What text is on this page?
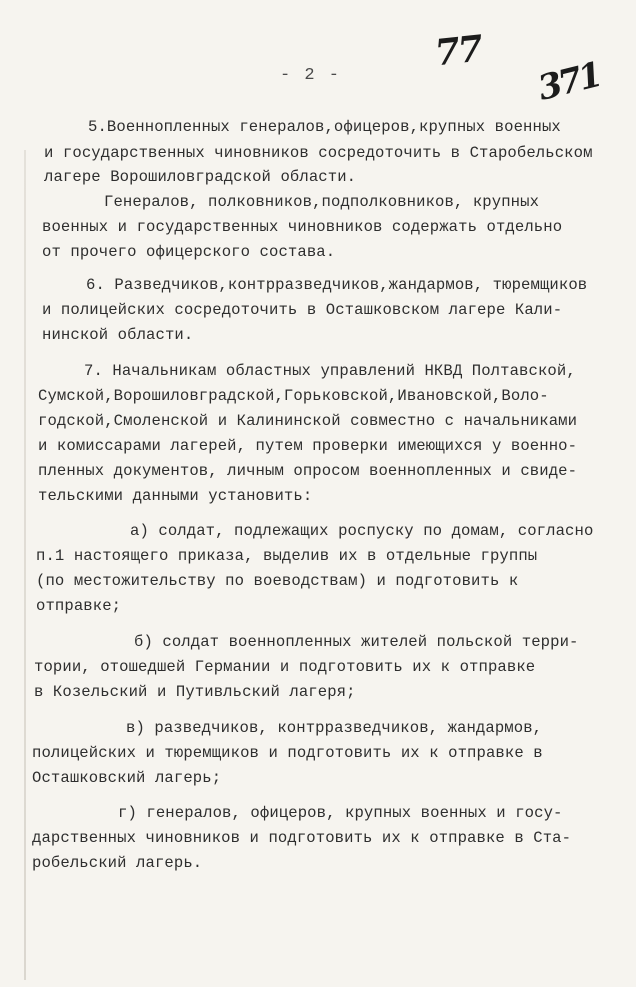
- 2 -
77
371
5.Военнопленных генералов,офицеров,крупных военных
и государственных чиновников сосредоточить в Старобельском
лагере Ворошиловградской области.
Генералов, полковников,подполковников, крупных
военных и государственных чиновников содержать отдельно
от прочего офицерского состава.
6. Разведчиков,контрразведчиков,жандармов, тюремщиков
и полицейских сосредоточить в Осташковском лагере Кали-
нинской области.
7. Начальникам областных управлений НКВД Полтавской,
Сумской,Ворошиловградской,Горьковской,Ивановской,Воло-
годской,Смоленской и Калининской совместно с начальниками
и комиссарами лагерей, путем проверки имеющихся у военно-
пленных документов, личным опросом военнопленных и свиде-
тельскими данными установить:
а) солдат, подлежащих роспуску по домам, согласно
п.1 настоящего приказа, выделив их в отдельные группы
(по местожительству по воеводствам) и подготовить к
отправке;
б) солдат военнопленных жителей польской терри-
тории, отошедшей Германии и подготовить их к отправке
в Козельский и Путивльский лагеря;
в) разведчиков, контрразведчиков, жандармов,
полицейских и тюремщиков и подготовить их к отправке в
Осташковский лагерь;
г) генералов, офицеров, крупных военных и госу-
дарственных чиновников и подготовить их к отправке в Ста-
робельский лагерь.
